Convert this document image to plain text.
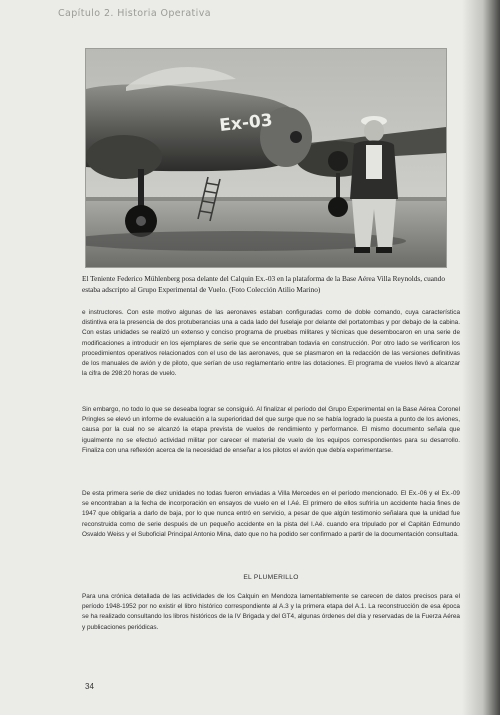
Capítulo 2. Historia Operativa
Ex-03

El Teniente Federico Mühlenberg posa delante del Calquin Ex.-03 en la plataforma de la Base Aérea Villa Reynolds, cuando estaba adscripto al Grupo Experimental de Vuelo. (Foto Colección Atilio Marino)

e instructores. Con este motivo algunas de las aeronaves estaban configuradas como de doble comando, cuya característica distintiva era la presencia de dos protuberancias una a cada lado del fuselaje por delante del portatombas y por debajo de la cabina. Con estas unidades se realizó un extenso y conciso programa de pruebas militares y técnicas que desembocaron en una serie de modificaciones a introducir en los ejemplares de serie que se encontraban todavía en construcción. Por otro lado se verificaron los procedimientos operativos relacionados con el uso de las aeronaves, que se plasmaron en la redacción de las versiones definitivas de los manuales de avión y de piloto, que serían de uso reglamentario entre las dotaciones. El programa de vuelos llevó a alcanzar la cifra de 298:20 horas de vuelo.

Sin embargo, no todo lo que se deseaba lograr se consiguió. Al finalizar el período del Grupo Experimental en la Base Aérea Coronel Pringles se elevó un informe de evaluación a la superioridad del que surge que no se había logrado la puesta a punto de los aviones, causa por la cual no se alcanzó la etapa prevista de vuelos de rendimiento y performance. El mismo documento señala que igualmente no se efectuó actividad militar por carecer el material de vuelo de los equipos correspondientes para su desarrollo. Finaliza con una reflexión acerca de la necesidad de enseñar a los pilotos el avión que debía experimentarse.

De esta primera serie de diez unidades no todas fueron enviadas a Villa Mercedes en el período mencionado. El Ex.-06 y el Ex.-09 se encontraban a la fecha de incorporación en ensayos de vuelo en el I.Aé. El primero de ellos sufriría un accidente hacia fines de 1947 que obligaría a darlo de baja, por lo que nunca entró en servicio, a pesar de que algún testimonio señalara que la unidad fue reconstruida como de serie después de un pequeño accidente en la pista del I.Aé. cuando era tripulado por el Capitán Edmundo Osvaldo Weiss y el Suboficial Principal Antonio Mina, dato que no ha podido ser confirmado a partir de la documentación consultada.

EL PLUMERILLO

Para una crónica detallada de las actividades de los Calquin en Mendoza lamentablemente se carecen de datos precisos para el período 1948-1952 por no existir el libro histórico correspondiente al A.3 y la primera etapa del A.1. La reconstrucción de esa época se ha realizado consultando los libros históricos de la IV Brigada y del GT4, algunas órdenes del día y reservadas de la Fuerza Aérea y publicaciones periódicas.

34
